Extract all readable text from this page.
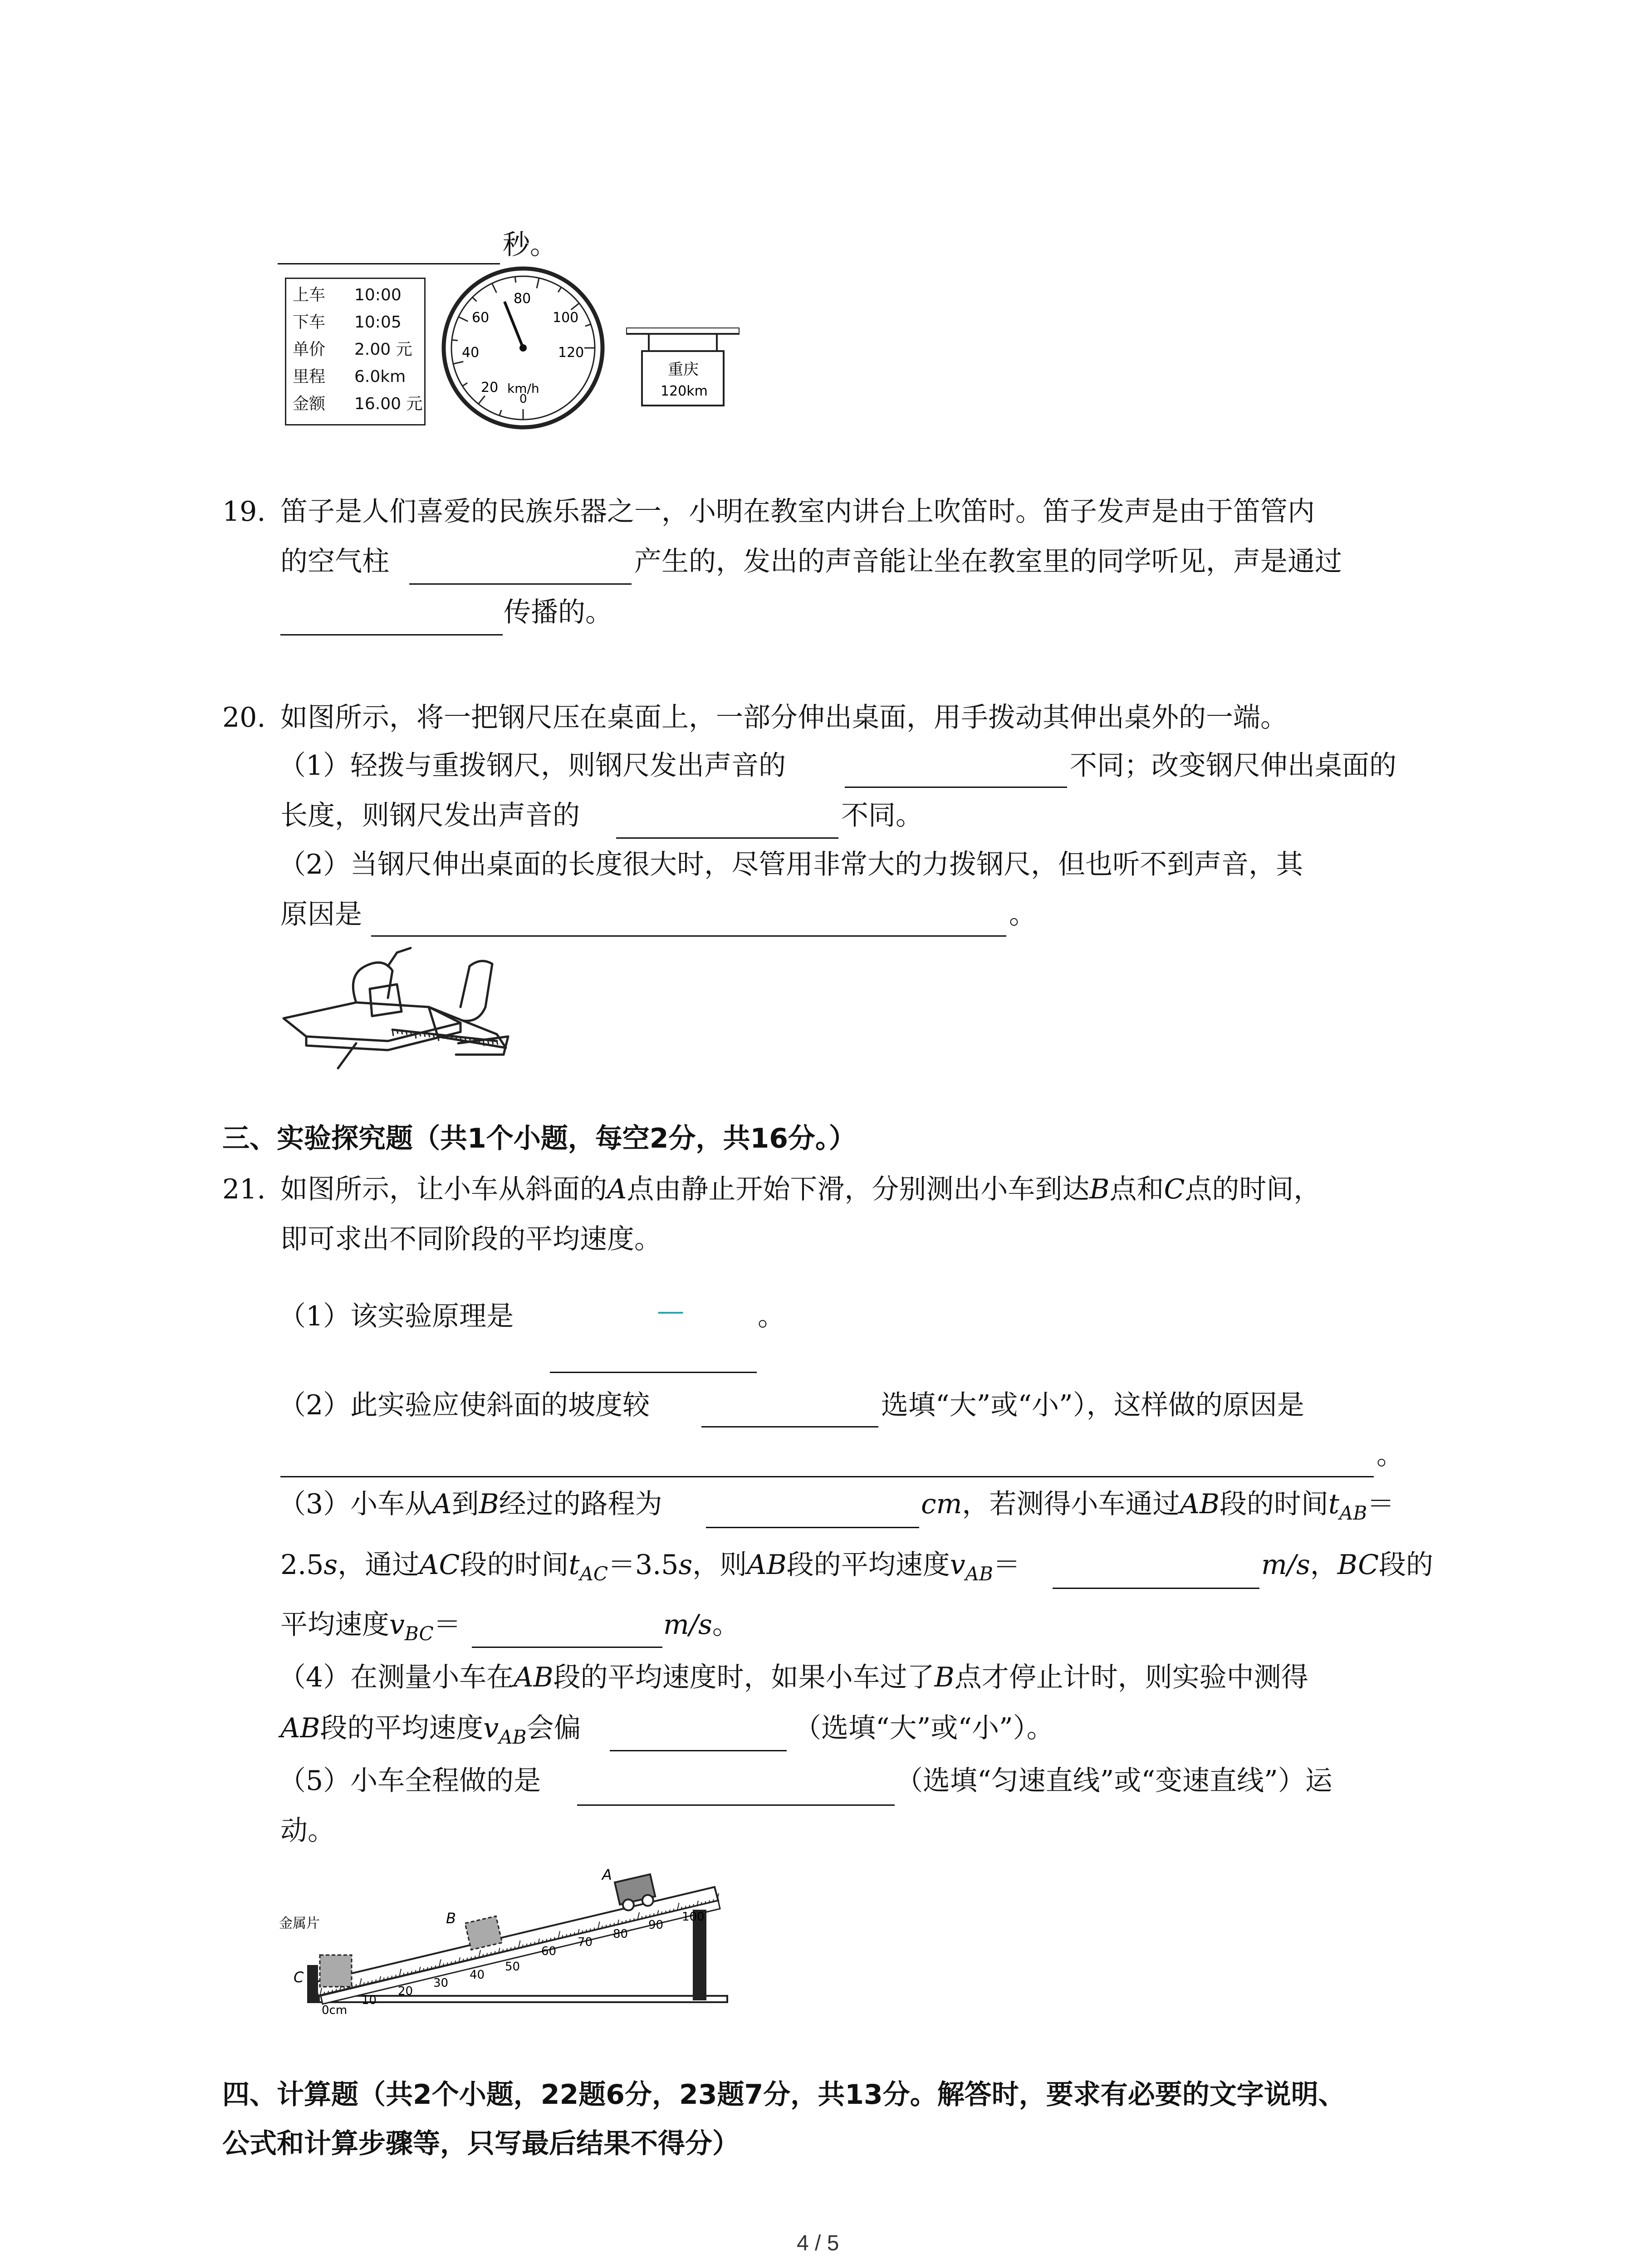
秒。
上车 10:00
下车 10:05
单价 2.00 元
里程 6.0km
金额 16.00 元
20
40
60
80
100
120
0
km/h
重庆
120km
19. 笛子是人们喜爱的民族乐器之一，小明在教室内讲台上吹笛时。笛子发声是由于笛管内
的空气柱	产生的，发出的声音能让坐在教室里的同学听见，声是通过
传播的。
20. 如图所示，将一把钢尺压在桌面上，一部分伸出桌面，用手拨动其伸出桌外的一端。
（1）轻拨与重拨钢尺，则钢尺发出声音的	不同；改变钢尺伸出桌面的
长度，则钢尺发出声音的	不同。
（2）当钢尺伸出桌面的长度很大时，尽管用非常大的力拨钢尺，但也听不到声音，其
原因是	。
三、实验探究题（共1个小题，每空2分，共16分。）
21. 如图所示，让小车从斜面的A点由静止开始下滑，分别测出小车到达B点和C点的时间，
即可求出不同阶段的平均速度。
（1）该实验原理是	—	。
（2）此实验应使斜面的坡度较	选填“大”或“小”），这样做的原因是
。
（3）小车从A到B经过的路程为	cm，若测得小车通过AB段的时间$t_{AB}=$
2.5s，通过AC段的时间$t_{AC}=3.5s$，则AB段的平均速度$v_{AB}=$	m/s，BC段的
平均速度$v_{BC}=$	m/s。
（4）在测量小车在AB段的平均速度时，如果小车过了B点才停止计时，则实验中测得
AB段的平均速度$v_{AB}$会偏	（选填“大”或“小”）。
（5）小车全程做的是	（选填“匀速直线”或“变速直线”）运
动。
金属片
A
B
C
0cm
10
20
30
40
50
60
70
80
90
100
四、计算题（共2个小题，22题6分，23题7分，共13分。解答时，要求有必要的文字说明、
公式和计算步骤等，只写最后结果不得分）
4 / 5
